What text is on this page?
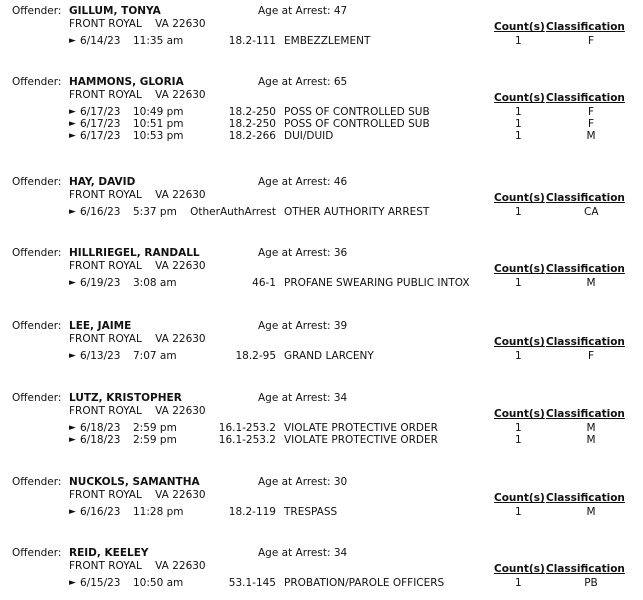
Offender: GILLUM, TONYA
FRONT ROYAL    VA 22630
Age at Arrest: 47
Count(s) Classification
► 6/14/23 11:35 am	18.2-111 EMBEZZLEMENT	1	F
Offender: HAMMONS, GLORIA
FRONT ROYAL    VA 22630
Age at Arrest: 65
Count(s) Classification
► 6/17/23 10:49 pm	18.2-250 POSS OF CONTROLLED SUB	1	F
► 6/17/23 10:51 pm	18.2-250 POSS OF CONTROLLED SUB	1	F
► 6/17/23 10:53 pm	18.2-266 DUI/DUID	1	M
Offender: HAY, DAVID
FRONT ROYAL    VA 22630
Age at Arrest: 46
Count(s) Classification
► 6/16/23 5:37 pm OtherAuthArrest OTHER AUTHORITY ARREST	1	CA
Offender: HILLRIEGEL, RANDALL
FRONT ROYAL    VA 22630
Age at Arrest: 36
Count(s) Classification
► 6/19/23 3:08 am	46-1 PROFANE SWEARING PUBLIC INTOX	1	M
Offender: LEE, JAIME
FRONT ROYAL    VA 22630
Age at Arrest: 39
Count(s) Classification
► 6/13/23 7:07 am	18.2-95 GRAND LARCENY	1	F
Offender: LUTZ, KRISTOPHER
FRONT ROYAL    VA 22630
Age at Arrest: 34
Count(s) Classification
► 6/18/23 2:59 pm	16.1-253.2 VIOLATE PROTECTIVE ORDER	1	M
► 6/18/23 2:59 pm	16.1-253.2 VIOLATE PROTECTIVE ORDER	1	M
Offender: NUCKOLS, SAMANTHA
FRONT ROYAL    VA 22630
Age at Arrest: 30
Count(s) Classification
► 6/16/23 11:28 pm	18.2-119 TRESPASS	1	M
Offender: REID, KEELEY
FRONT ROYAL    VA 22630
Age at Arrest: 34
Count(s) Classification
► 6/15/23 10:50 am	53.1-145 PROBATION/PAROLE OFFICERS	1	PB
